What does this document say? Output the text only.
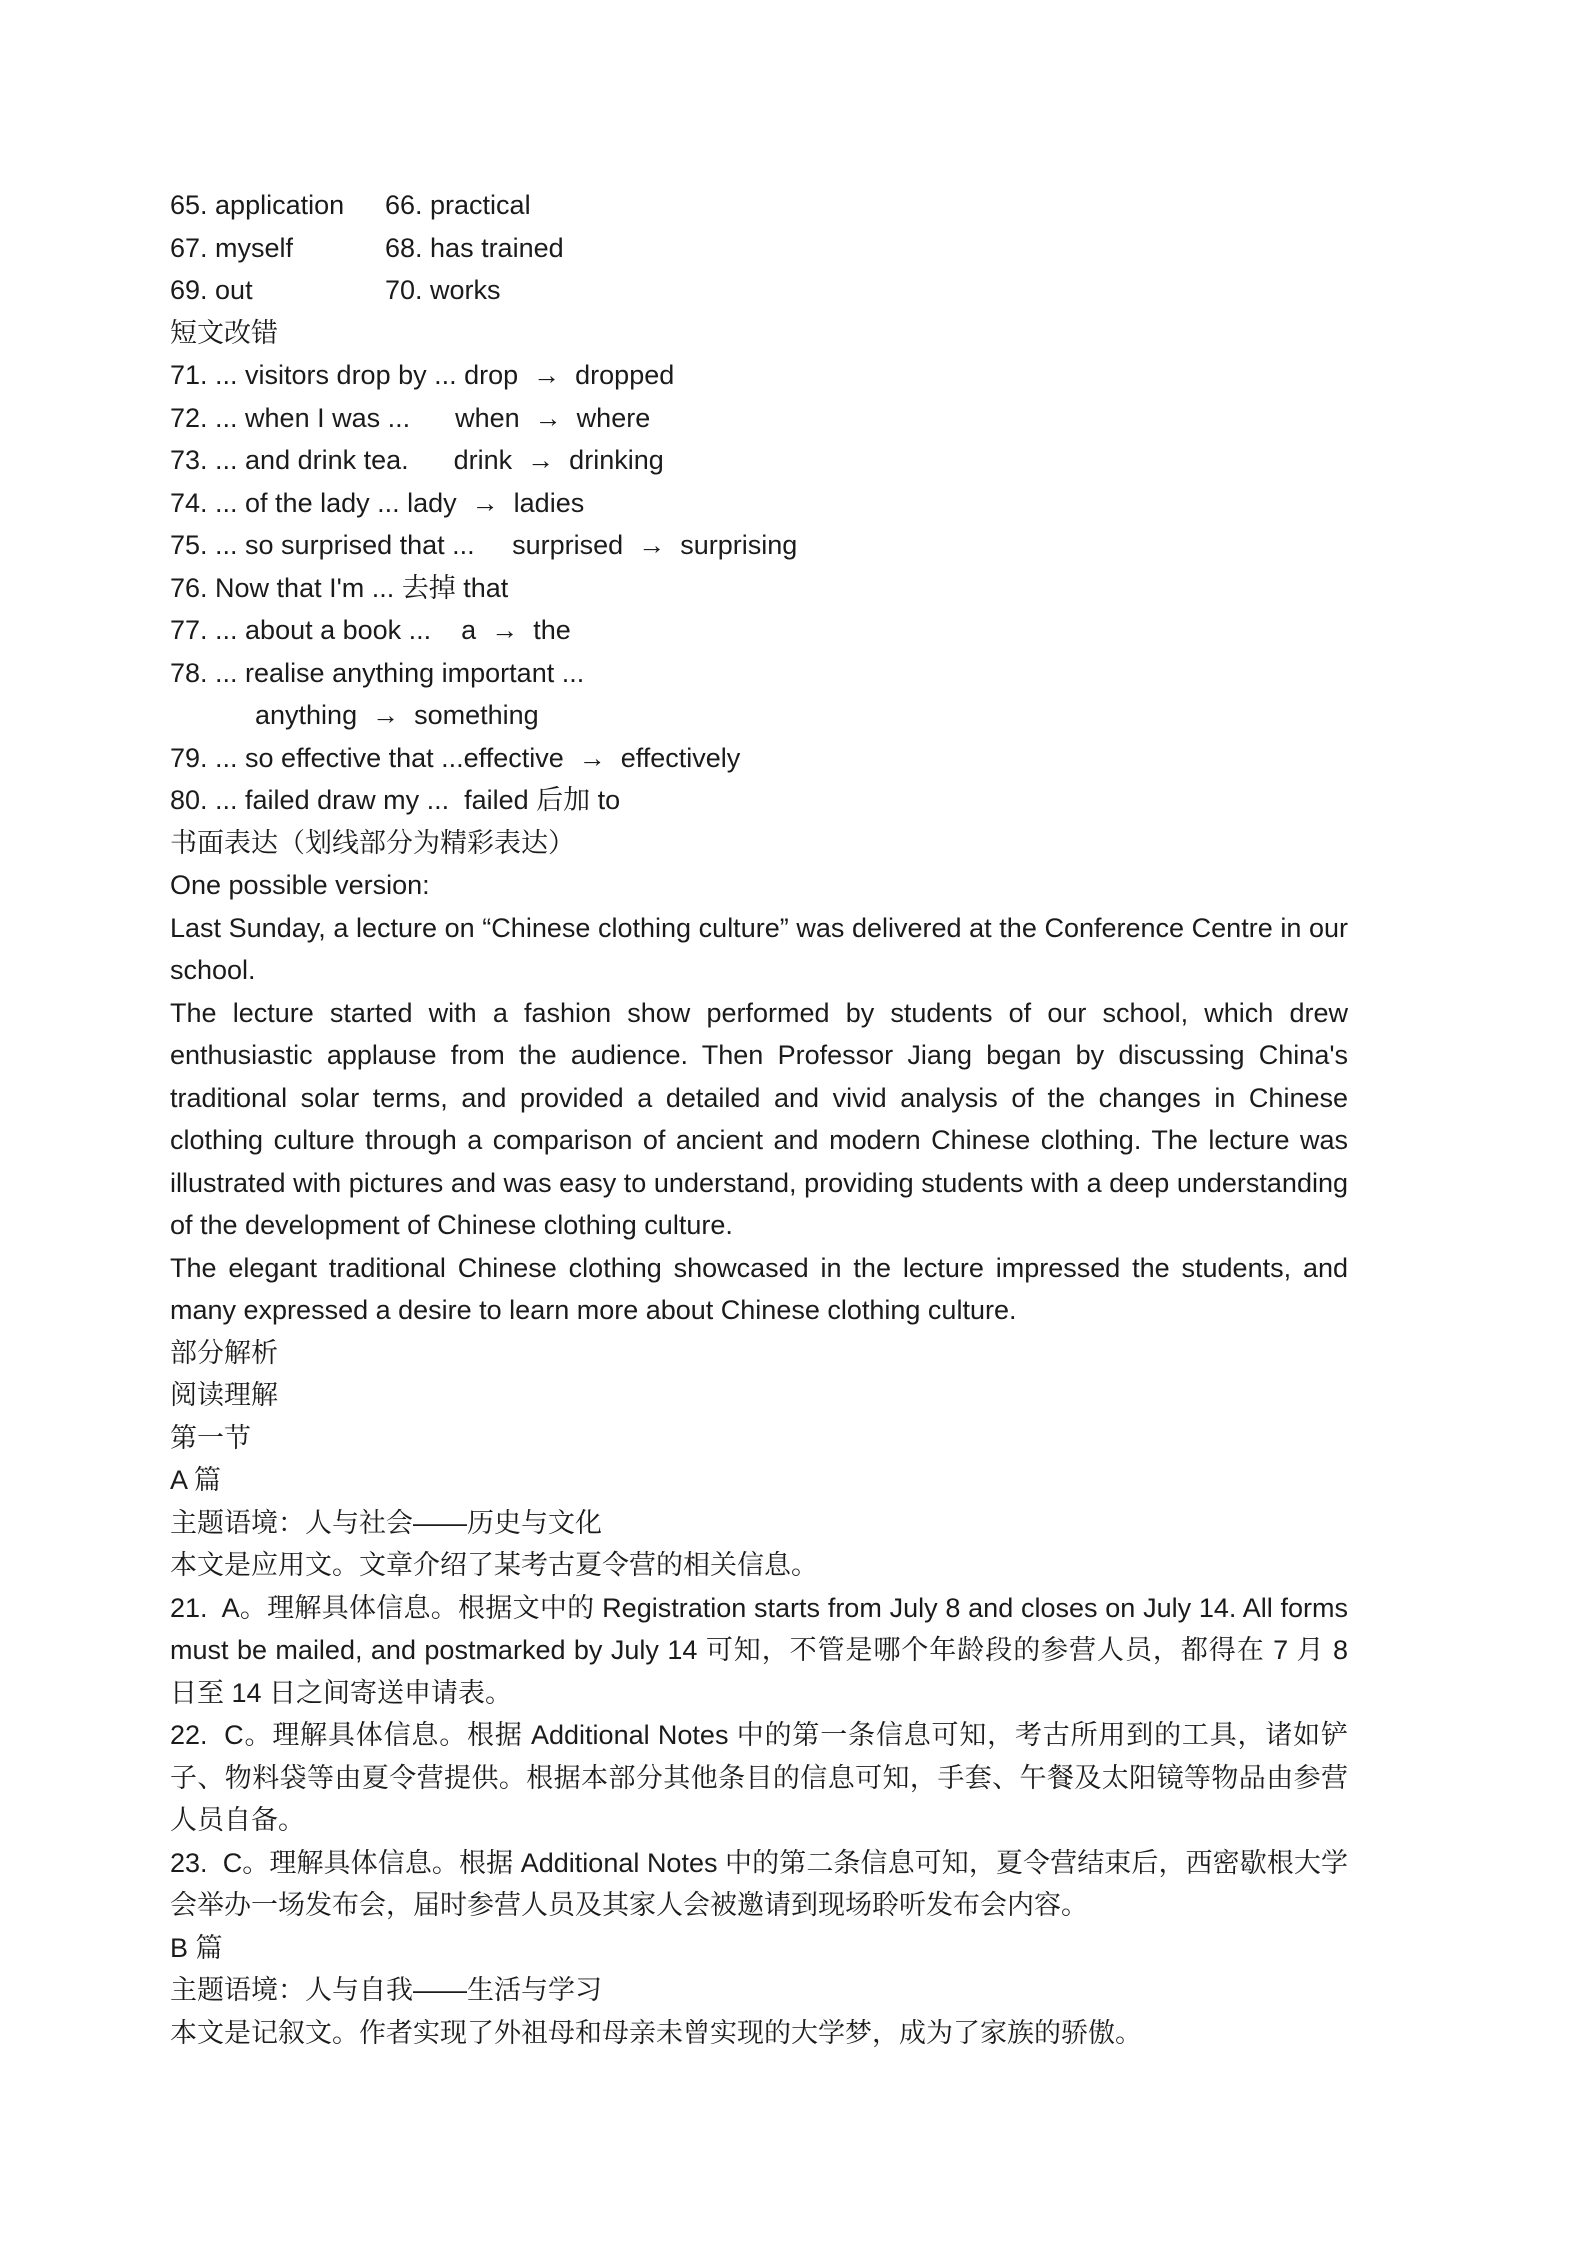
65. application	66. practical
67. myself	68. has trained
69. out	70. works
短文改错
71. ... visitors drop by ... drop  →  dropped
72. ... when I was ...      when  →  where
73. ... and drink tea.      drink  →  drinking
74. ... of the lady ... lady  →  ladies
75. ... so surprised that ...     surprised  →  surprising
76. Now that I'm ... 去掉 that
77. ... about a book ...    a  →  the
78. ... realise anything important ...
anything  →  something
79. ... so effective that ...effective  →  effectively
80. ... failed draw my ...  failed 后加 to
书面表达（划线部分为精彩表达）
One possible version:

Last Sunday, a lecture on “Chinese clothing culture” was delivered at the Conference Centre in our school.

The lecture started with a fashion show performed by students of our school, which drew enthusiastic applause from the audience. Then Professor Jiang began by discussing China's traditional solar terms, and provided a detailed and vivid analysis of the changes in Chinese clothing culture through a comparison of ancient and modern Chinese clothing. The lecture was illustrated with pictures and was easy to understand, providing students with a deep understanding of the development of Chinese clothing culture.

The elegant traditional Chinese clothing showcased in the lecture impressed the students, and many expressed a desire to learn more about Chinese clothing culture.

部分解析
阅读理解
第一节
A 篇
主题语境：人与社会——历史与文化
本文是应用文。文章介绍了某考古夏令营的相关信息。

21.  A。理解具体信息。根据文中的 Registration starts from July 8 and closes on July 14. All forms must be mailed, and postmarked by July 14 可知，不管是哪个年龄段的参营人员，都得在 7 月 8 日至 14 日之间寄送申请表。

22.  C。理解具体信息。根据 Additional Notes 中的第一条信息可知，考古所用到的工具，诸如铲子、物料袋等由夏令营提供。根据本部分其他条目的信息可知，手套、午餐及太阳镜等物品由参营人员自备。

23.  C。理解具体信息。根据 Additional Notes 中的第二条信息可知，夏令营结束后，西密歇根大学会举办一场发布会，届时参营人员及其家人会被邀请到现场聆听发布会内容。

B 篇
主题语境：人与自我——生活与学习
本文是记叙文。作者实现了外祖母和母亲未曾实现的大学梦，成为了家族的骄傲。
